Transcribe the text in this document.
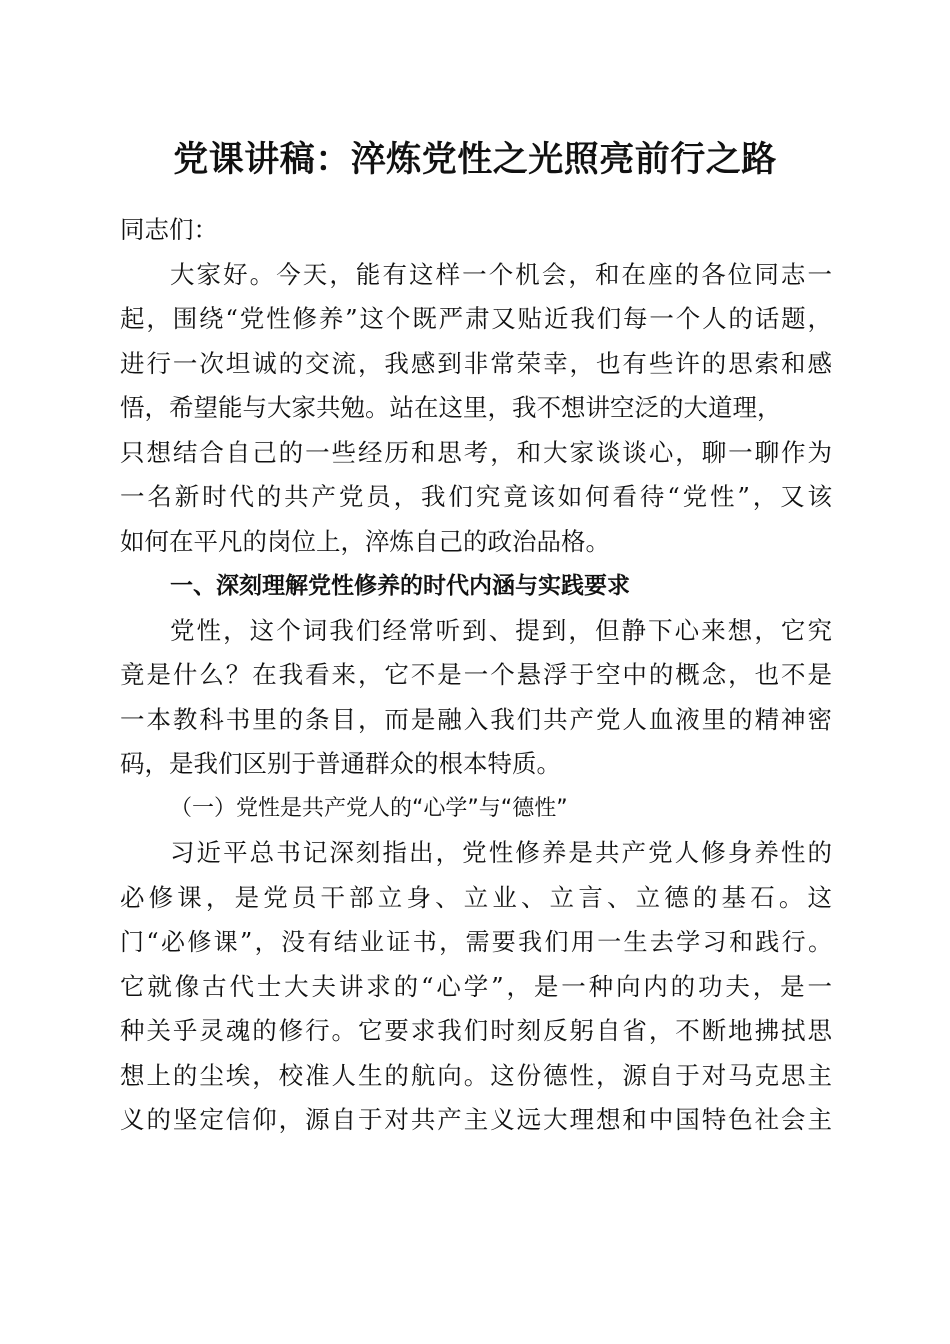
党课讲稿：淬炼党性之光照亮前行之路
同志们：
大家好。今天，能有这样一个机会，和在座的各位同志一
起，围绕“党性修养”这个既严肃又贴近我们每一个人的话题，
进行一次坦诚的交流，我感到非常荣幸，也有些许的思索和感
悟，希望能与大家共勉。站在这里，我不想讲空泛的大道理，
只想结合自己的一些经历和思考，和大家谈谈心，聊一聊作为
一名新时代的共产党员，我们究竟该如何看待“党性”，又该
如何在平凡的岗位上，淬炼自己的政治品格。
一、深刻理解党性修养的时代内涵与实践要求
党性，这个词我们经常听到、提到，但静下心来想，它究
竟是什么？在我看来，它不是一个悬浮于空中的概念，也不是
一本教科书里的条目，而是融入我们共产党人血液里的精神密
码，是我们区别于普通群众的根本特质。
（一）党性是共产党人的“心学”与“德性”
习近平总书记深刻指出，党性修养是共产党人修身养性的
必修课，是党员干部立身、立业、立言、立德的基石。这
门“必修课”，没有结业证书，需要我们用一生去学习和践行。
它就像古代士大夫讲求的“心学”，是一种向内的功夫，是一
种关乎灵魂的修行。它要求我们时刻反躬自省，不断地拂拭思
想上的尘埃，校准人生的航向。这份德性，源自于对马克思主
义的坚定信仰，源自于对共产主义远大理想和中国特色社会主
